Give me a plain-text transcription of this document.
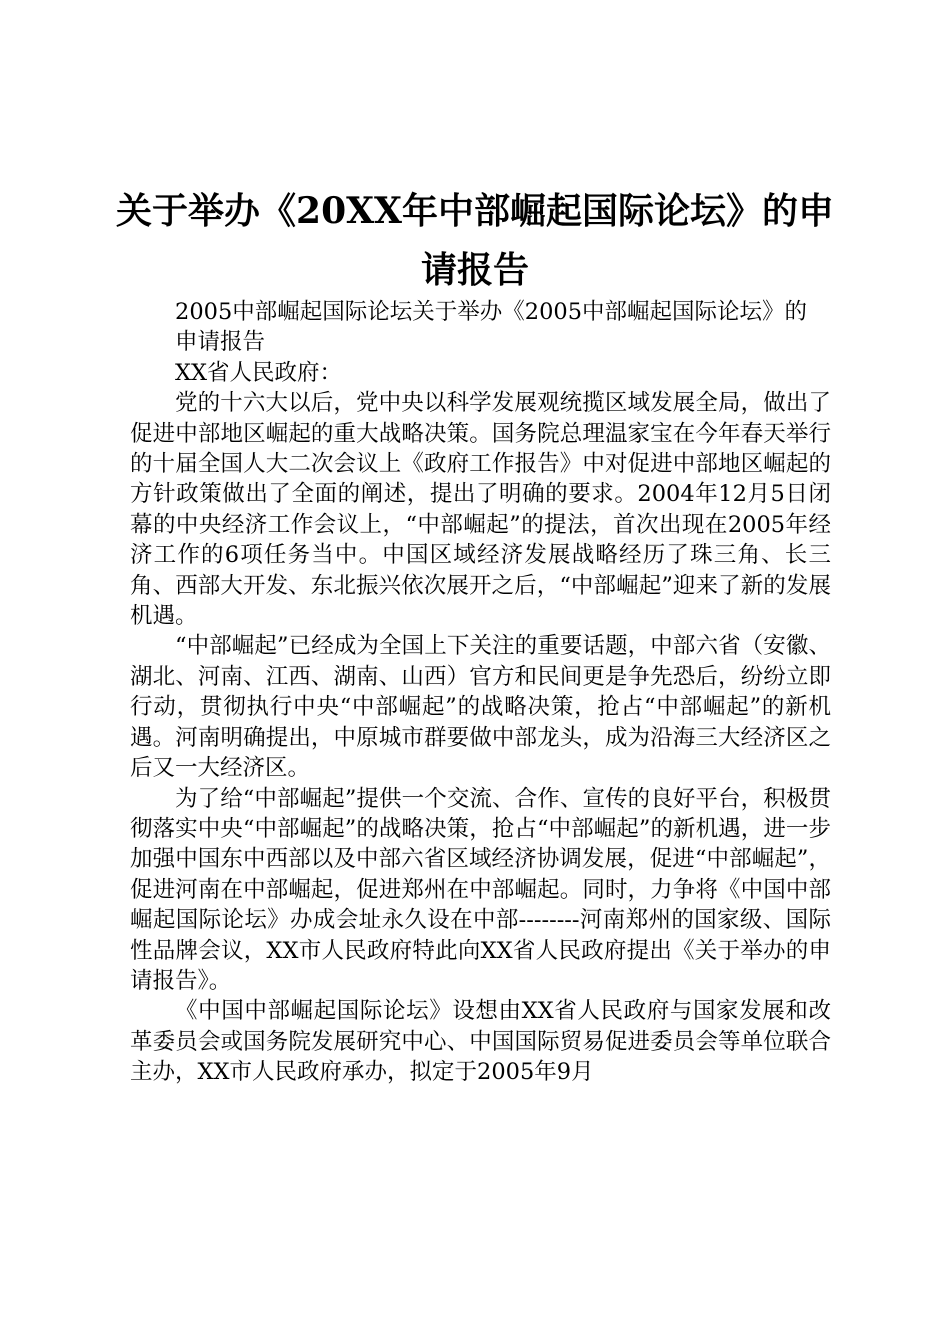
关于举办《20XX年中部崛起国际论坛》的申请报告

2005中部崛起国际论坛关于举办《2005中部崛起国际论坛》的

申请报告

XX省人民政府：

党的十六大以后，党中央以科学发展观统揽区域发展全局，做出了促进中部地区崛起的重大战略决策。国务院总理温家宝在今年春天举行的十届全国人大二次会议上《政府工作报告》中对促进中部地区崛起的方针政策做出了全面的阐述，提出了明确的要求。2004年12月5日闭幕的中央经济工作会议上，“中部崛起”的提法，首次出现在2005年经济工作的6项任务当中。中国区域经济发展战略经历了珠三角、长三角、西部大开发、东北振兴依次展开之后，“中部崛起”迎来了新的发展机遇。

“中部崛起”已经成为全国上下关注的重要话题，中部六省（安徽、湖北、河南、江西、湖南、山西）官方和民间更是争先恐后，纷纷立即行动，贯彻执行中央“中部崛起”的战略决策，抢占“中部崛起”的新机遇。河南明确提出，中原城市群要做中部龙头，成为沿海三大经济区之后又一大经济区。

为了给“中部崛起”提供一个交流、合作、宣传的良好平台，积极贯彻落实中央“中部崛起”的战略决策，抢占“中部崛起”的新机遇，进一步加强中国东中西部以及中部六省区域经济协调发展，促进“中部崛起”，促进河南在中部崛起，促进郑州在中部崛起。同时，力争将《中国中部崛起国际论坛》办成会址永久设在中部--------河南郑州的国家级、国际性品牌会议，XX市人民政府特此向XX省人民政府提出《关于举办的申请报告》。

《中国中部崛起国际论坛》设想由XX省人民政府与国家发展和改革委员会或国务院发展研究中心、中国国际贸易促进委员会等单位联合主办，XX市人民政府承办，拟定于2005年9月
